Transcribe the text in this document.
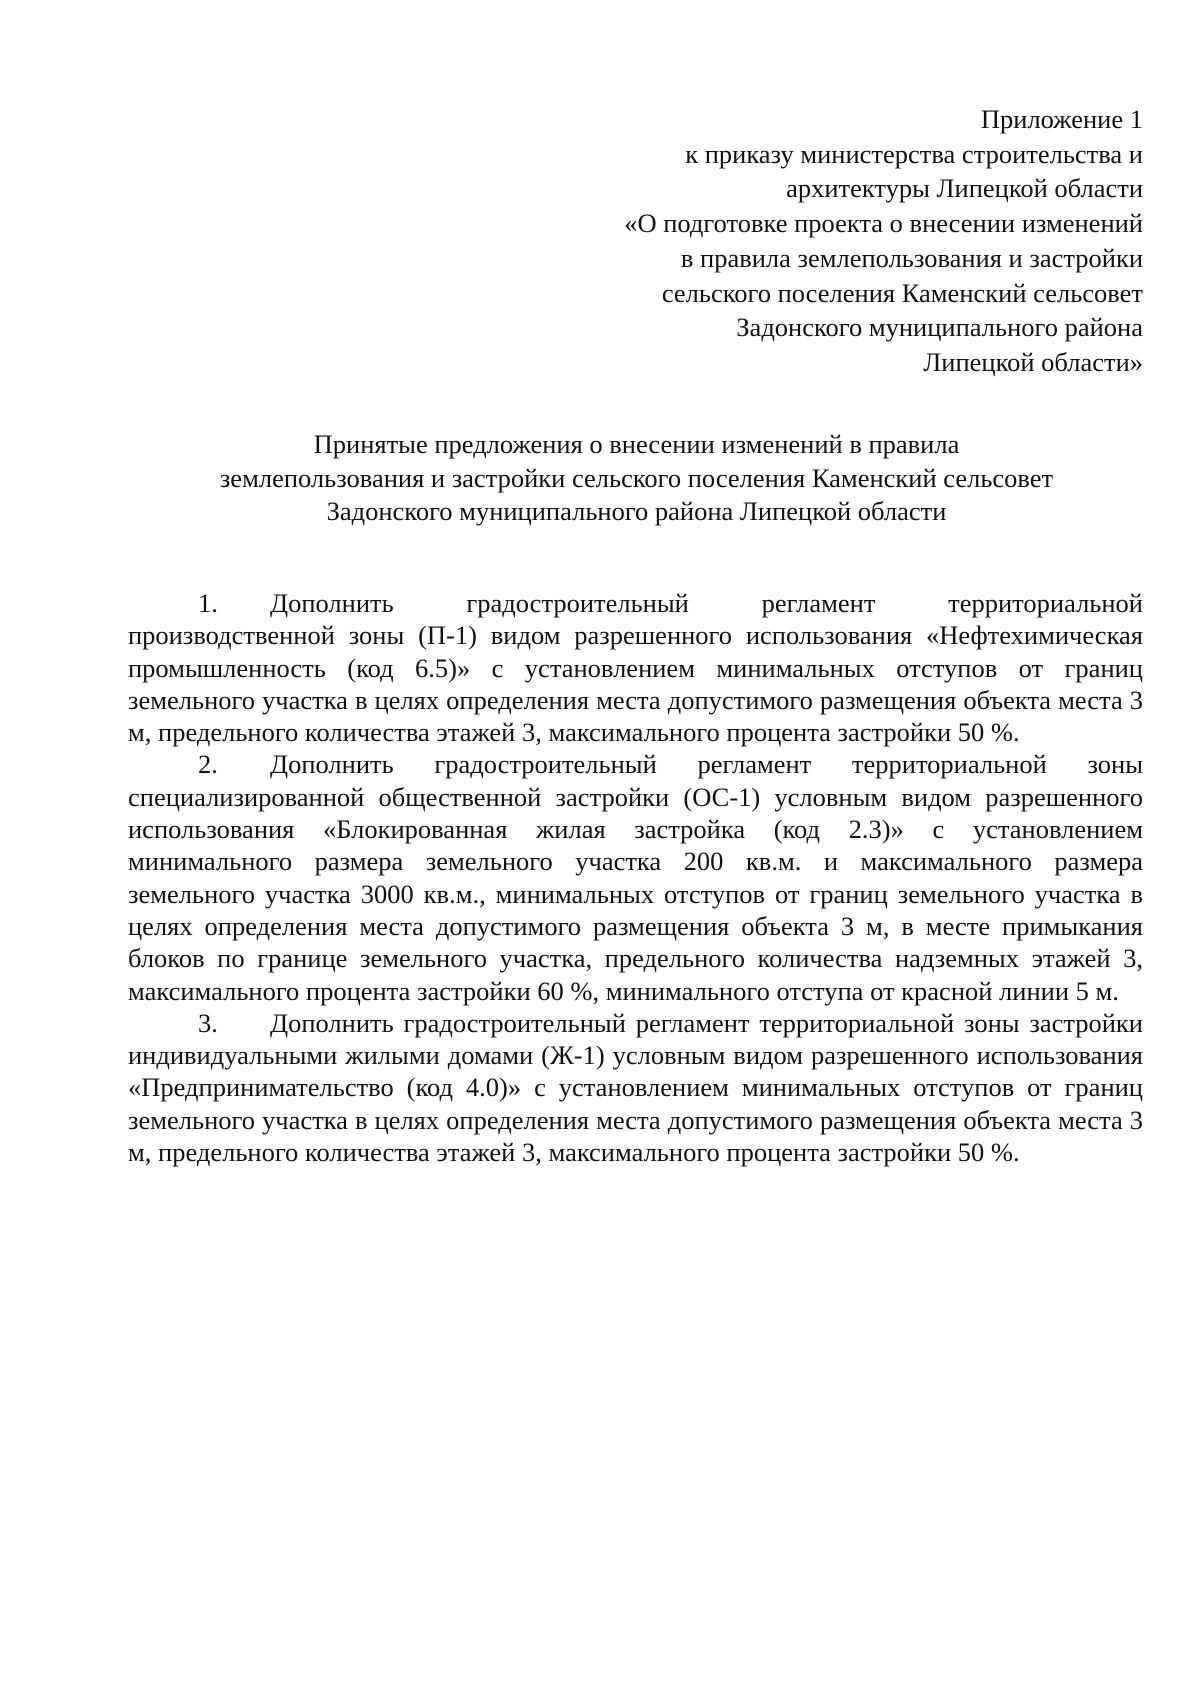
Приложение 1
к приказу министерства строительства и
архитектуры Липецкой области
«О подготовке проекта о внесении изменений
в правила землепользования и застройки
сельского поселения Каменский сельсовет
Задонского муниципального района
Липецкой области»
Принятые предложения о внесении изменений в правила
землепользования и застройки сельского поселения Каменский сельсовет
Задонского муниципального района Липецкой области

1. Дополнить градостроительный регламент территориальной производственной зоны (П-1) видом разрешенного использования «Нефтехимическая промышленность (код 6.5)» с установлением минимальных отступов от границ земельного участка в целях определения места допустимого размещения объекта места 3 м, предельного количества этажей 3, максимального процента застройки 50 %.

2. Дополнить градостроительный регламент территориальной зоны специализированной общественной застройки (ОС-1) условным видом разрешенного использования «Блокированная жилая застройка (код 2.3)» с установлением минимального размера земельного участка 200 кв.м. и максимального размера земельного участка 3000 кв.м., минимальных отступов от границ земельного участка в целях определения места допустимого размещения объекта 3 м, в месте примыкания блоков по границе земельного участка, предельного количества надземных этажей 3, максимального процента застройки 60 %, минимального отступа от красной линии 5 м.

3. Дополнить градостроительный регламент территориальной зоны застройки индивидуальными жилыми домами (Ж-1) условным видом разрешенного использования «Предпринимательство (код 4.0)» с установлением минимальных отступов от границ земельного участка в целях определения места допустимого размещения объекта места 3 м, предельного количества этажей 3, максимального процента застройки 50 %.
